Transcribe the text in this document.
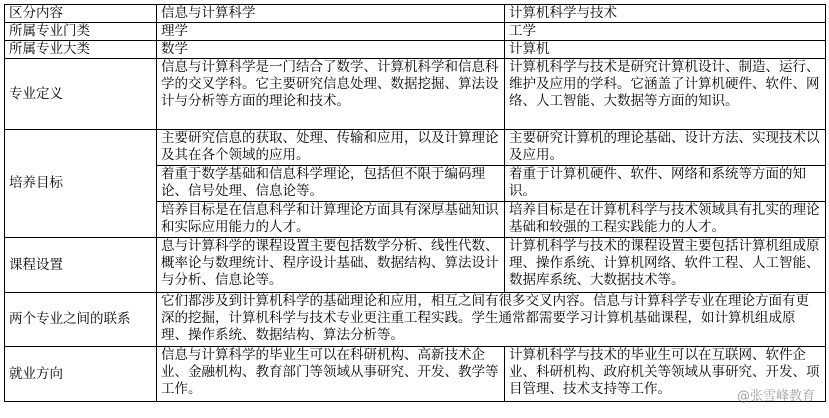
区分内容	信息与计算科学	计算机科学与技术
所属专业门类	理学	工学
所属专业大类	数学	计算机
专业定义	信息与计算科学是一门结合了数学、计算机科学和信息科学的交叉学科。它主要研究信息处理、数据挖掘、算法设计与分析等方面的理论和技术。	计算机科学与技术是研究计算机设计、制造、运行、维护及应用的学科。它涵盖了计算机硬件、软件、网络、人工智能、大数据等方面的知识。
培养目标	主要研究信息的获取、处理、传输和应用，以及计算理论及其在各个领域的应用。	主要研究计算机的理论基础、设计方法、实现技术以及应用。
	着重于数学基础和信息科学理论，包括但不限于编码理论、信号处理、信息论等。	着重于计算机硬件、软件、网络和系统等方面的知识。
	培养目标是在信息科学和计算理论方面具有深厚基础知识和实际应用能力的人才。	培养目标是在计算机科学与技术领域具有扎实的理论基础和较强的工程实践能力的人才。
课程设置	息与计算科学的课程设置主要包括数学分析、线性代数、概率论与数理统计、程序设计基础、数据结构、算法设计与分析、信息论等。	计算机科学与技术的课程设置主要包括计算机组成原理、操作系统、计算机网络、软件工程、人工智能、数据库系统、大数据技术等。
两个专业之间的联系	它们都涉及到计算机科学的基础理论和应用，相互之间有很多交叉内容。信息与计算科学专业在理论方面有更深的挖掘，计算机科学与技术专业更注重工程实践。学生通常都需要学习计算机基础课程，如计算机组成原理、操作系统、数据结构、算法分析等。	
就业方向	信息与计算科学的毕业生可以在科研机构、高新技术企业、金融机构、教育部门等领域从事研究、开发、教学等工作。	计算机科学与技术的毕业生可以在互联网、软件企业、科研机构、政府机关等领域从事研究、开发、项目管理、技术支持等工作。	@张雪峰教育
